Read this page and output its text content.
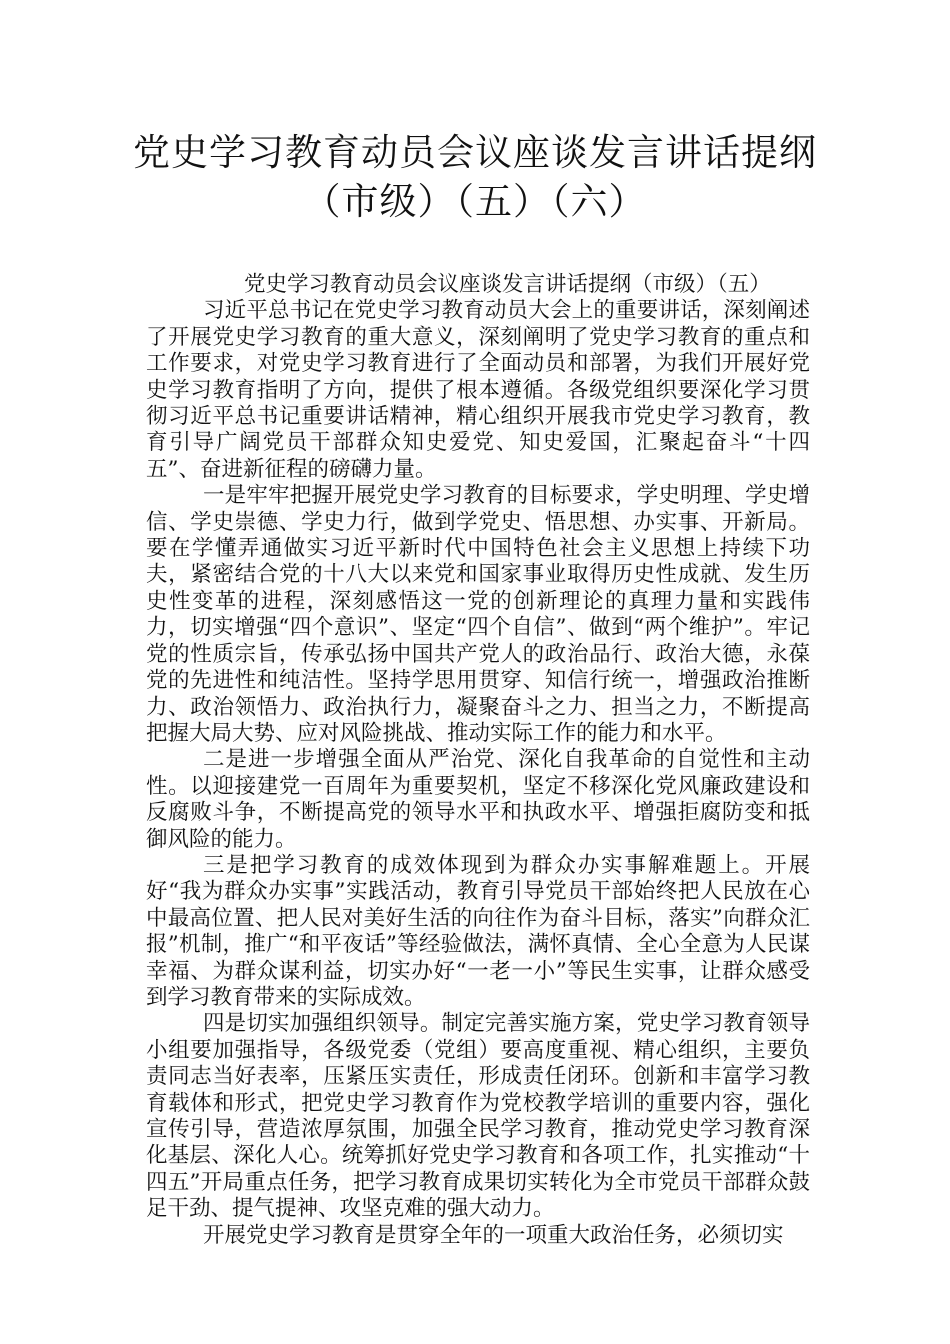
党史学习教育动员会议座谈发言讲话提纲
（市级）（五）（六）
党史学习教育动员会议座谈发言讲话提纲（市级）（五）

习近平总书记在党史学习教育动员大会上的重要讲话，深刻阐述了开展党史学习教育的重大意义，深刻阐明了党史学习教育的重点和工作要求，对党史学习教育进行了全面动员和部署，为我们开展好党史学习教育指明了方向，提供了根本遵循。各级党组织要深化学习贯彻习近平总书记重要讲话精神，精心组织开展我市党史学习教育，教育引导广阔党员干部群众知史爱党、知史爱国，汇聚起奋斗“十四五”、奋进新征程的磅礴力量。

一是牢牢把握开展党史学习教育的目标要求，学史明理、学史增信、学史崇德、学史力行，做到学党史、悟思想、办实事、开新局。要在学懂弄通做实习近平新时代中国特色社会主义思想上持续下功夫，紧密结合党的十八大以来党和国家事业取得历史性成就、发生历史性变革的进程，深刻感悟这一党的创新理论的真理力量和实践伟力，切实增强“四个意识”、坚定“四个自信”、做到“两个维护”。牢记党的性质宗旨，传承弘扬中国共产党人的政治品行、政治大德，永葆党的先进性和纯洁性。坚持学思用贯穿、知信行统一，增强政治推断力、政治领悟力、政治执行力，凝聚奋斗之力、担当之力，不断提高把握大局大势、应对风险挑战、推动实际工作的能力和水平。

二是进一步增强全面从严治党、深化自我革命的自觉性和主动性。以迎接建党一百周年为重要契机，坚定不移深化党风廉政建设和反腐败斗争，不断提高党的领导水平和执政水平、增强拒腐防变和抵御风险的能力。

三是把学习教育的成效体现到为群众办实事解难题上。开展好“我为群众办实事”实践活动，教育引导党员干部始终把人民放在心中最高位置、把人民对美好生活的向往作为奋斗目标，落实”向群众汇报”机制，推广“和平夜话”等经验做法，满怀真情、全心全意为人民谋幸福、为群众谋利益，切实办好“一老一小”等民生实事，让群众感受到学习教育带来的实际成效。

四是切实加强组织领导。制定完善实施方案，党史学习教育领导小组要加强指导，各级党委（党组）要高度重视、精心组织，主要负责同志当好表率，压紧压实责任，形成责任闭环。创新和丰富学习教育载体和形式，把党史学习教育作为党校教学培训的重要内容，强化宣传引导，营造浓厚氛围，加强全民学习教育，推动党史学习教育深化基层、深化人心。统筹抓好党史学习教育和各项工作，扎实推动“十四五”开局重点任务，把学习教育成果切实转化为全市党员干部群众鼓足干劲、提气提神、攻坚克难的强大动力。

开展党史学习教育是贯穿全年的一项重大政治任务，必须切实
